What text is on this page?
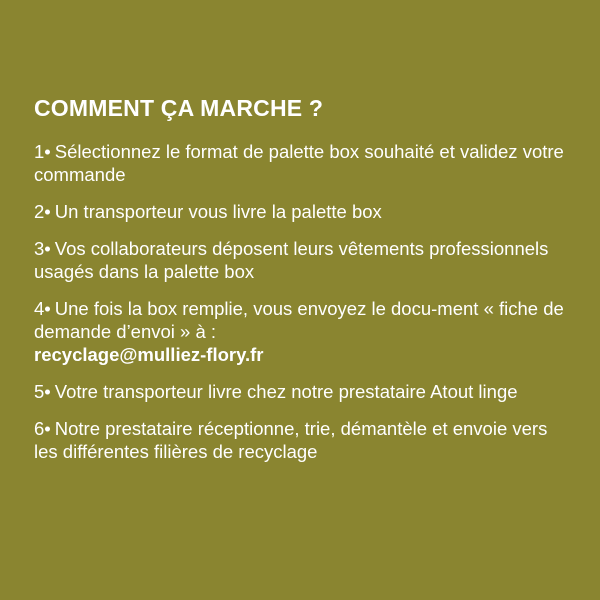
COMMENT ÇA MARCHE ?
1• Sélectionnez le format de palette box souhaité et validez votre commande
2• Un transporteur vous livre la palette box
3• Vos collaborateurs déposent leurs vêtements professionnels usagés dans la palette box
4• Une fois la box remplie, vous envoyez le docu-ment « fiche de demande d’envoi » à :
recyclage@mulliez-flory.fr
5• Votre transporteur livre chez notre prestataire Atout linge
6• Notre prestataire réceptionne, trie, démantèle et envoie vers les différentes filières de recyclage
